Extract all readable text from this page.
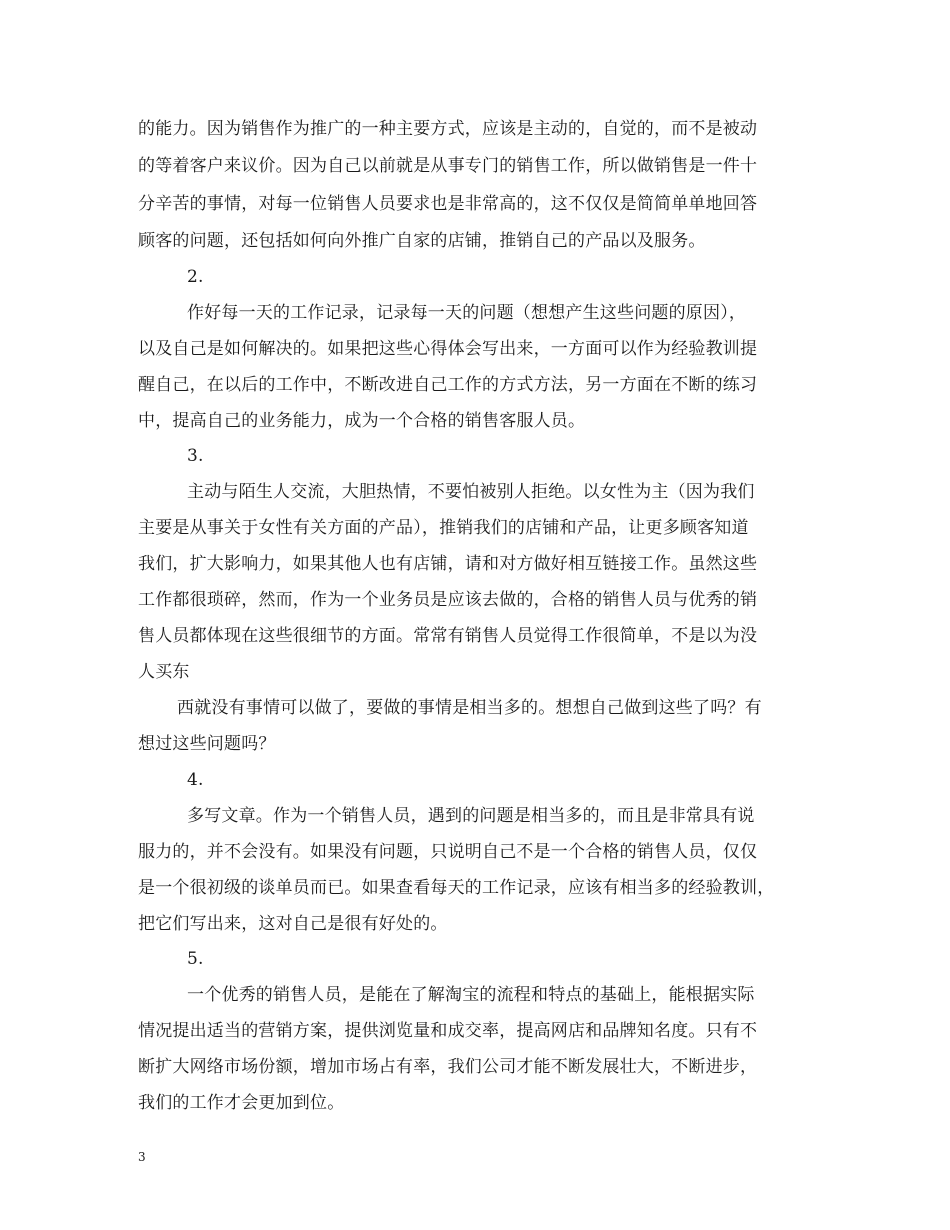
的能力。因为销售作为推广的一种主要方式，应该是主动的，自觉的，而不是被动
的等着客户来议价。因为自己以前就是从事专门的销售工作，所以做销售是一件十
分辛苦的事情，对每一位销售人员要求也是非常高的，这不仅仅是简简单单地回答
顾客的问题，还包括如何向外推广自家的店铺，推销自己的产品以及服务。
2.
作好每一天的工作记录，记录每一天的问题（想想产生这些问题的原因），
以及自己是如何解决的。如果把这些心得体会写出来，一方面可以作为经验教训提
醒自己，在以后的工作中，不断改进自己工作的方式方法，另一方面在不断的练习
中，提高自己的业务能力，成为一个合格的销售客服人员。
3.
主动与陌生人交流，大胆热情，不要怕被别人拒绝。以女性为主（因为我们
主要是从事关于女性有关方面的产品），推销我们的店铺和产品，让更多顾客知道
我们，扩大影响力，如果其他人也有店铺，请和对方做好相互链接工作。虽然这些
工作都很琐碎，然而，作为一个业务员是应该去做的，合格的销售人员与优秀的销
售人员都体现在这些很细节的方面。常常有销售人员觉得工作很简单，不是以为没
人买东
西就没有事情可以做了，要做的事情是相当多的。想想自己做到这些了吗？有
想过这些问题吗？
4.
多写文章。作为一个销售人员，遇到的问题是相当多的，而且是非常具有说
服力的，并不会没有。如果没有问题，只说明自己不是一个合格的销售人员，仅仅
是一个很初级的谈单员而已。如果查看每天的工作记录，应该有相当多的经验教训，
把它们写出来，这对自己是很有好处的。
5.
一个优秀的销售人员，是能在了解淘宝的流程和特点的基础上，能根据实际
情况提出适当的营销方案，提供浏览量和成交率，提高网店和品牌知名度。只有不
断扩大网络市场份额，增加市场占有率，我们公司才能不断发展壮大，不断进步，
我们的工作才会更加到位。
3
